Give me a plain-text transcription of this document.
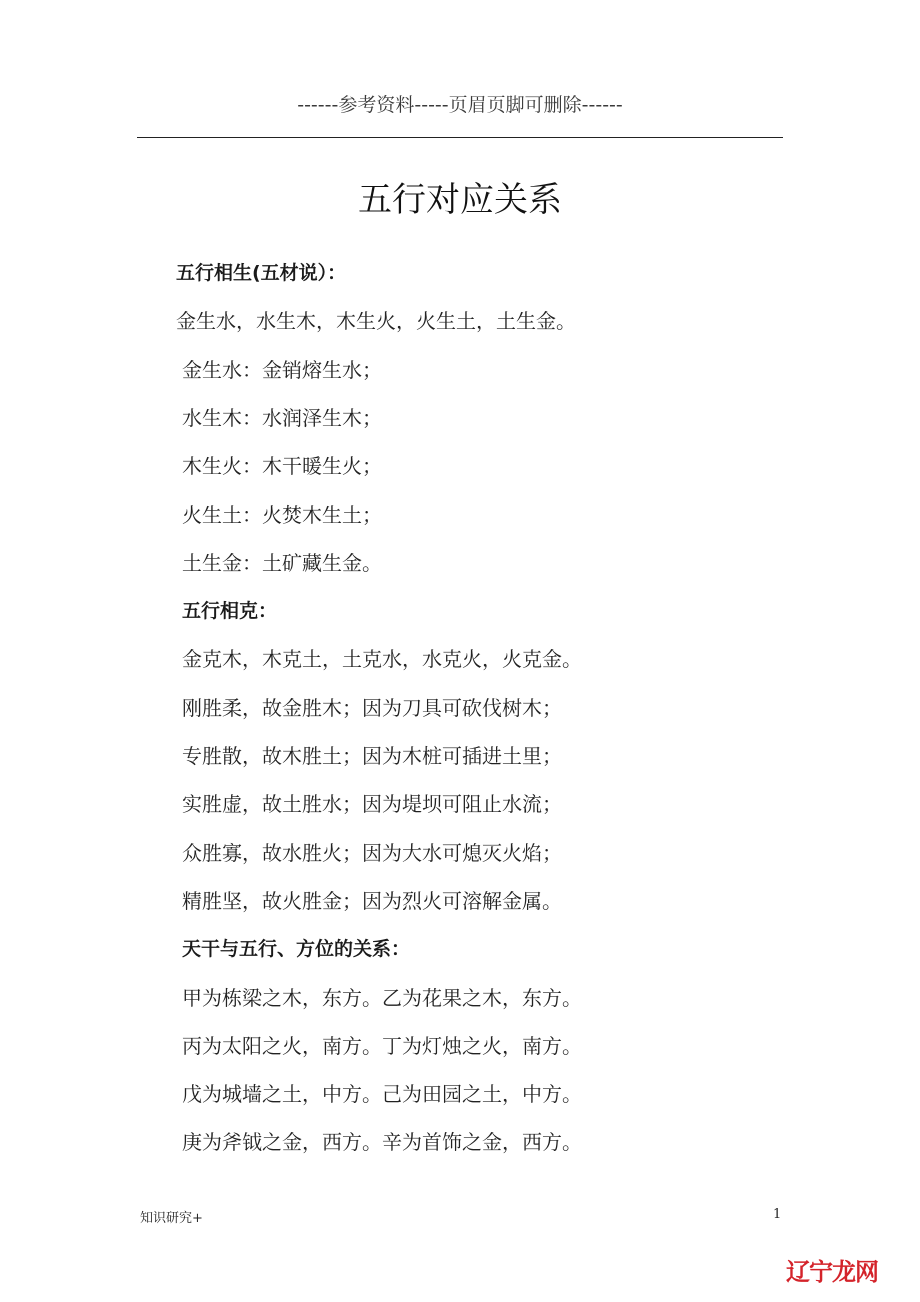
------参考资料-----页眉页脚可删除------
五行对应关系
五行相生(五材说）：
金生水，水生木，木生火，火生土，土生金。
金生水：金销熔生水；
水生木：水润泽生木；
木生火：木干暖生火；
火生土：火焚木生土；
土生金：土矿藏生金。
五行相克：
金克木，木克土，土克水，水克火，火克金。
刚胜柔，故金胜木；因为刀具可砍伐树木；
专胜散，故木胜土；因为木桩可插进土里；
实胜虚，故土胜水；因为堤坝可阻止水流；
众胜寡，故水胜火；因为大水可熄灭火焰；
精胜坚，故火胜金；因为烈火可溶解金属。
天干与五行、方位的关系：
甲为栋梁之木，东方。乙为花果之木，东方。
丙为太阳之火，南方。丁为灯烛之火，南方。
戊为城墙之土，中方。己为田园之土，中方。
庚为斧钺之金，西方。辛为首饰之金，西方。
知识研究+	1
辽宁龙网
